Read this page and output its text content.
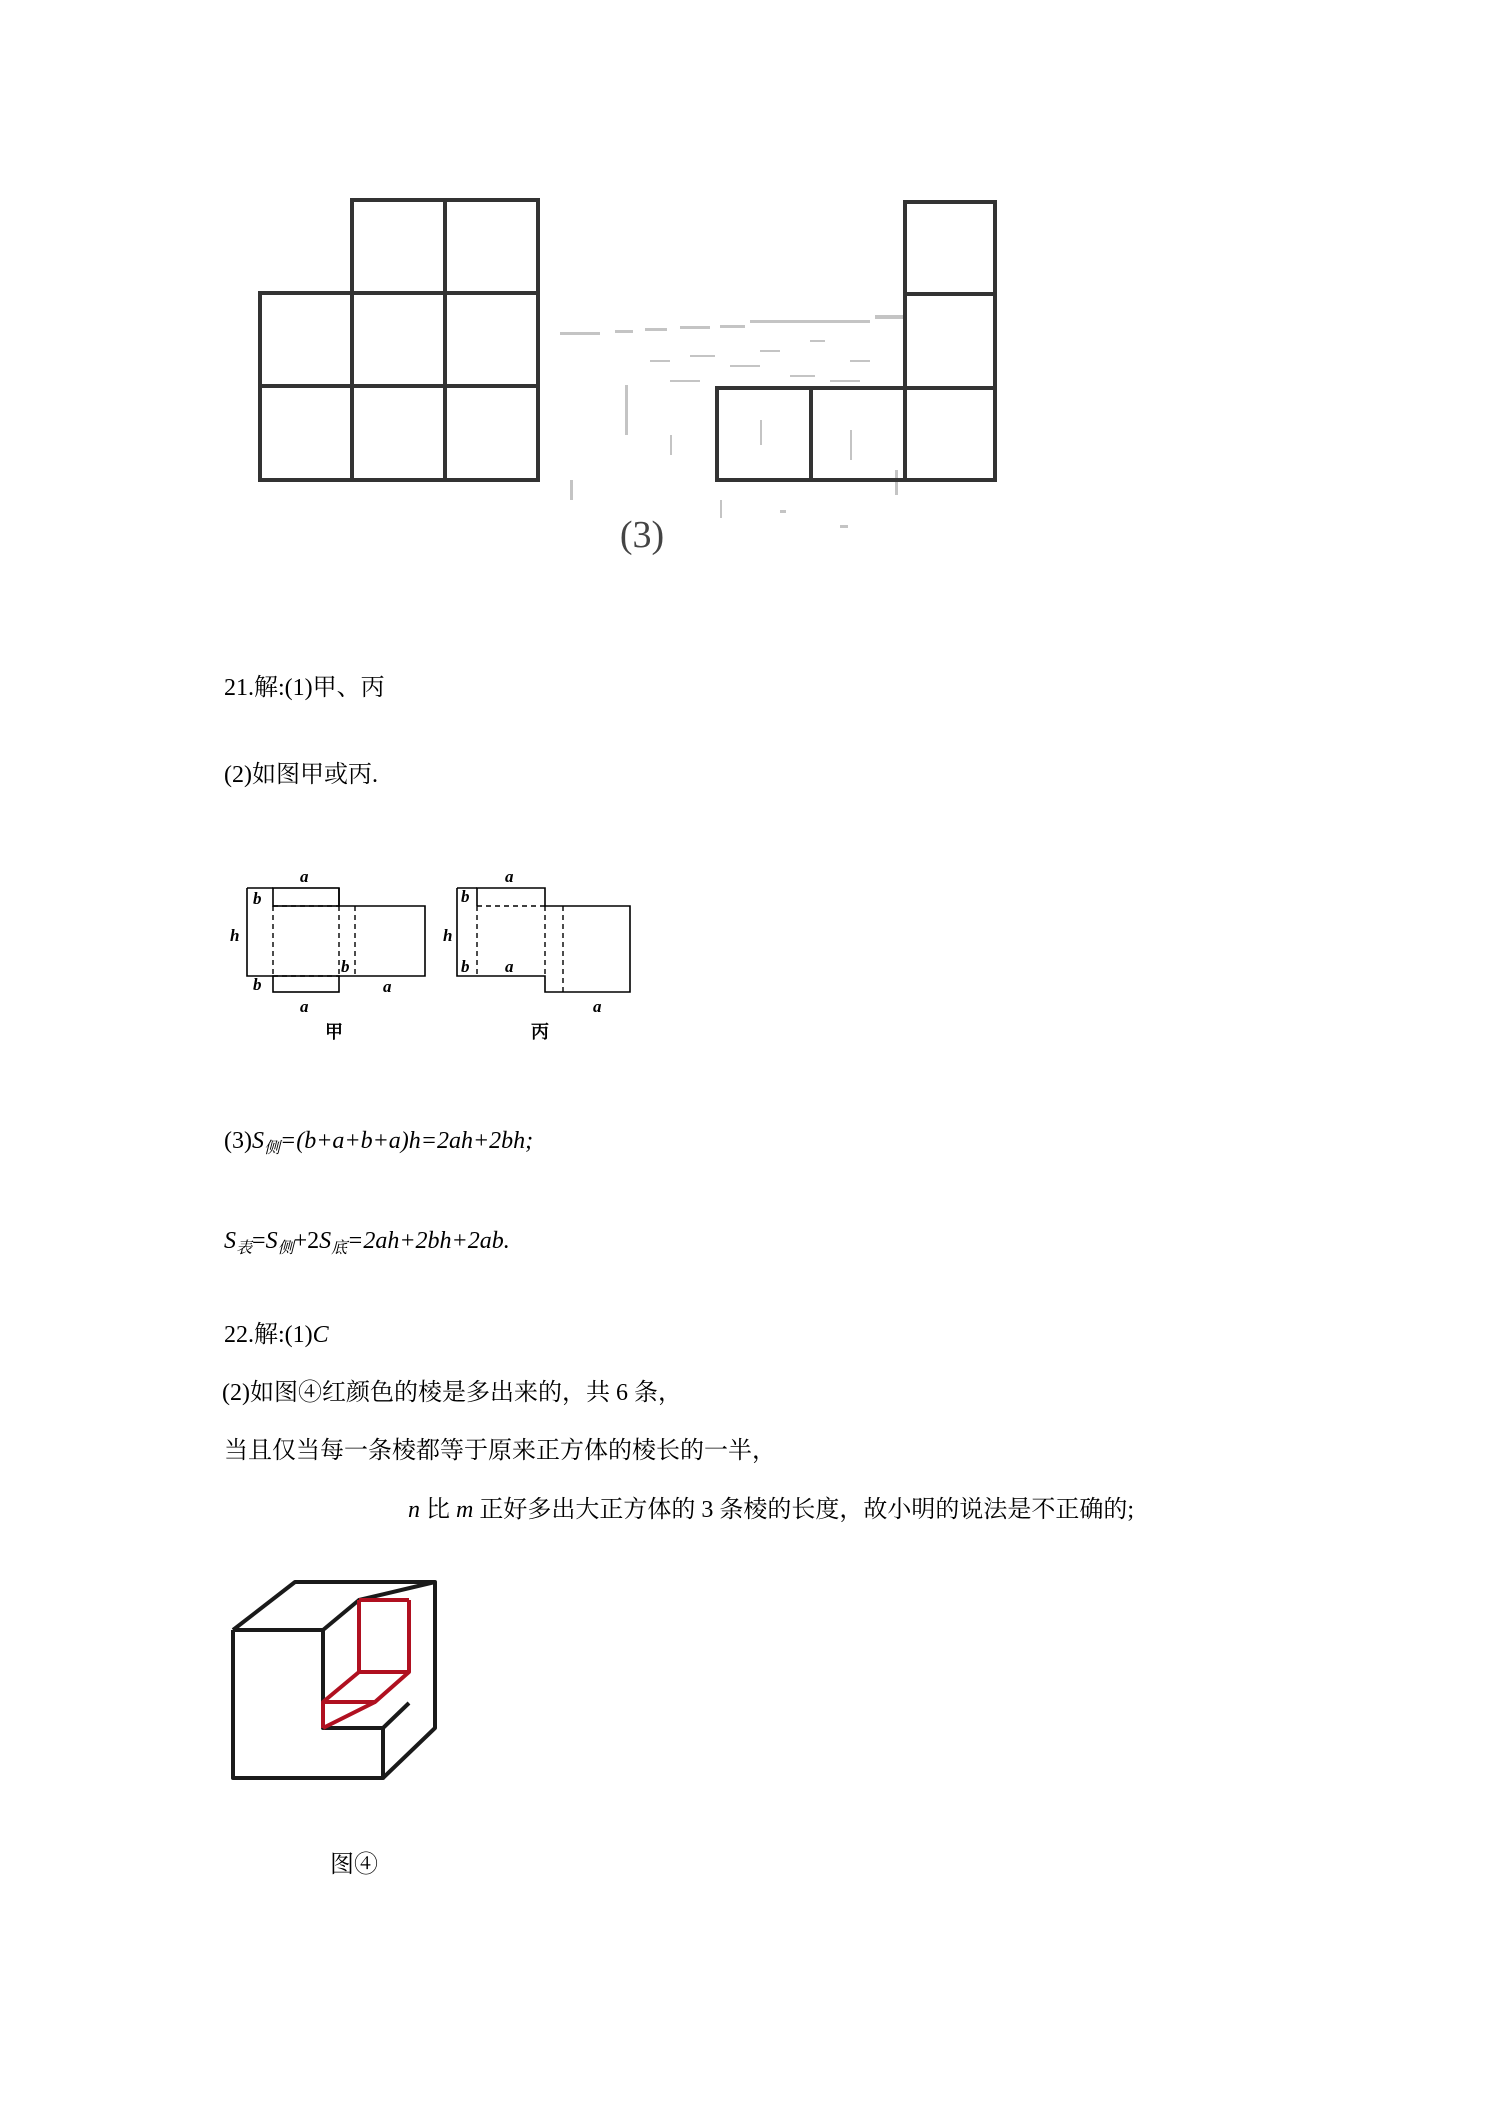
(3)
21.解:(1)甲、丙
(2)如图甲或丙.
a
b
h
b
b
a
a
甲
a
b
h
b a
a
丙
$(3)S_侧=(b+a+b+a)h=2ah+2bh$;
$S_表=S_侧+2S_底=2ah+2bh+2ab$.
22.解:(1)C
(2)如图④红颜色的棱是多出来的，共 6 条，
当且仅当每一条棱都等于原来正方体的棱长的一半，
n 比 m 正好多出大正方体的 3 条棱的长度，故小明的说法是不正确的;
图④
